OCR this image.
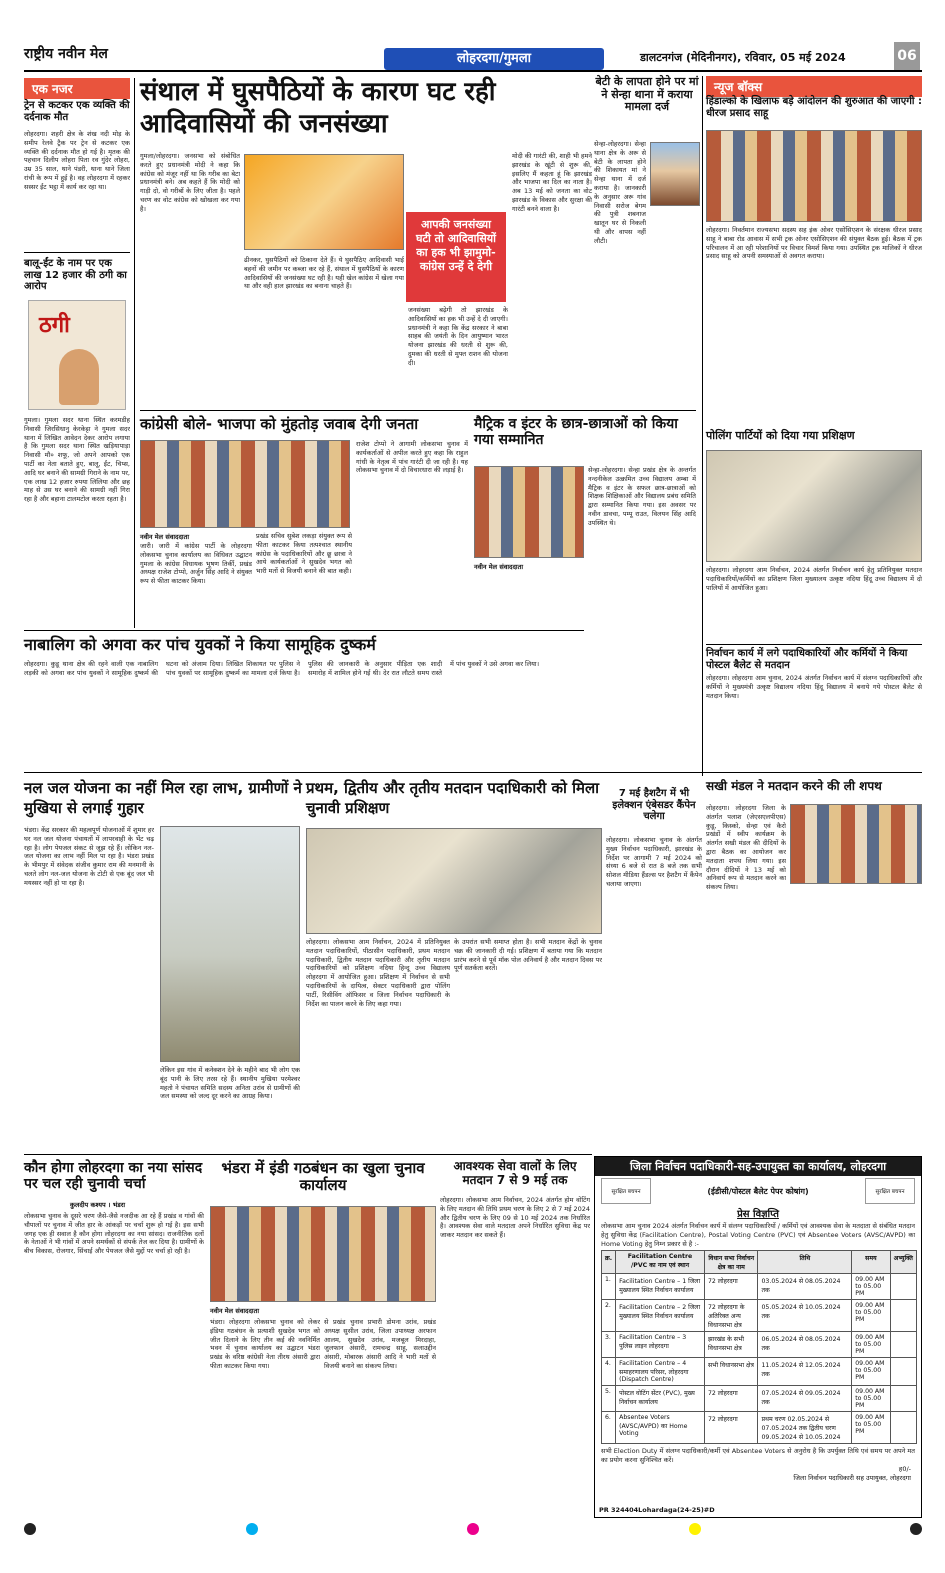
राष्ट्रीय नवीन मेल	लोहरदगा/गुमला	डालटनगंज (मेदिनीनगर), रविवार, 05 मई 2024	06
एक नजर
ट्रेन से कटकर एक व्यक्ति की दर्दनाक मौत
लोहरदगा। शहरी क्षेत्र के शंख नदी मोड़ के समीप रेलवे ट्रैक पर ट्रेन से कटकर एक व्यक्ति की दर्दनाक मौत हो गई है। मृतक की पहचान दिलीप लोहरा पिता रव गुंदेर लोहरा, उम्र 35 साल, थाने पंडरी, थाना थाने जिला रांची के रूप में हुई है। वह लोहरदगा में रहकर सस्सर ईंट भट्ठा में कार्य कर रहा था।
बालू-ईंट के नाम पर एक लाख 12 हजार की ठगी का आरोप
ठगी
गुमला। गुमला सदर थाना स्थित करमडीह निवासी जिरसिधानु केरकेट्टा ने गुमला सदर थाना में लिखित आवेदन देकर आरोप लगाया है कि गुमला सदर थाना स्थित खड़ियापाड़ा निवासी मौ० शफू, जो अपने आपको एक पार्टी का नेता बताते हुए, बालू, ईंट, चिप्स, आदि घर बनाने की सामग्री गिराने के नाम पर, एक लाख 12 हजार रुपया लिलिया और छह माह से उस घर बनाने की सामग्री नहीं गिरा रहा है और बहाना टालमटोल करता रहता है।
संथाल में घुसपैठियों के कारण घट रही आदिवासियों की जनसंख्या
गुमला/लोहरदगा। जनसभा को संबोधित करते हुए प्रधानमंत्री मोदी ने कहा कि कांग्रेस को मंजूर नहीं था कि गरीब का बेटा प्रधानमंत्री बने। अब कहते हैं कि मोदी को गाड़ी दो, वो गरीबों के लिए जीता है। पहले चरण का वोट कांग्रेस को खोखला कर गया है।
आपकी जनसंख्या घटी तो आदिवासियों का हक भी झामुमो-कांग्रेस उन्हें दे देगी
ढीनकर, घुसपैठियों को ठिकाना देते हैं। ये घुसपैठिए आदिवासी भाई बहनों की जमीन पर कब्जा कर रहे हैं, संथाल में घुसपैठियों के कारण आदिवासियों की जनसंख्या घट रही है। यही खेल कांग्रेस में खेला गया था और वही हाल झारखंड का बनाना चाहते हैं।
जनसंख्या बढ़ेगी तो झारखंड के आदिवासियों का हक भी उन्हें दे दी जाएगी। प्रधानमंत्री ने कहा कि केंद्र सरकार ने बाबा साहब की जयंती के दिन आयुष्मान भारत योजना झारखंड की धरती से शुरू की, दुमका की धरती से मुफ्त राशन की योजना दी।
मोदी की गारंटी की, शाही भी हमने झारखंड के खूंटी से शुरू की, इसलिए मैं कहता हूं कि झारखंड और भाजपा का दिल का नाता है। अब 13 मई को जनता का वोट झारखंड के विकास और सुरक्षा की गारंटी बनने वाला है।
बेटी के लापता होने पर मां ने सेन्हा थाना में कराया मामला दर्ज
सेन्हा-लोहरदगा। सेन्हा थाना क्षेत्र के अरू से बेटी के लापता होने की शिकायत मां ने सेन्हा थाना में दर्ज कराया है। जानकारी के अनुसार अरू गांव निवासी सरोज बेगम की पुत्री शबनाज खातून घर से निकली थी और वापस नहीं लौटी।
न्यूज बॉक्स
हिंडाल्को के खिलाफ बड़े आंदोलन की शुरुआत की जाएगी : धीरज प्रसाद साहू
लोहरदगा। निवर्तमान राज्यसभा सदस्य सह इंक ओवर एसोसिएशन के संरक्षक धीरज प्रसाद साहू ने बाबा रोड आवास में सभी ट्रक ओनर एसोसिएशन की संयुक्त बैठक हुई। बैठक में ट्रक परिचालन में आ रही परेशानियों पर विचार विमर्श किया गया। उपस्थित ट्रक मालिकों ने धीरज प्रसाद साहू को अपनी समस्याओं से अवगत कराया।
कांग्रेसी बोले- भाजपा को मुंहतोड़ जवाब देगी जनता
नवीन मेल संवाददाता
जारी। जारी में कांग्रेस पार्टी के लोहरदगा लोकसभा चुनाव कार्यालय का विधिवत उद्घाटन गुमला के कांग्रेस विधायक भूषण तिर्की, प्रखंड अध्यक्ष राजेश टोप्पो, अर्जुन सिंह आदि ने संयुक्त रूप से फीता काटकर किया।
प्रखंड सचिव सुबेश लकड़ा संयुक्त रूप से फीता काटकर किया तत्पश्चात स्थानीय कांग्रेस के पदाधिकारियों और छू छात्रा ने आये कार्यकर्ताओं ने सुखदेव भगत को भारी मतों से विजयी बनाने की बात कही।
राजेश टोप्पो ने आगामी लोकसभा चुनाव में कार्यकर्ताओं से अपील करते हुए कहा कि राहुल गांधी के नेतृत्व में पांच गारंटी दी जा रही है। यह लोकसभा चुनाव में दो विचारधारा की लड़ाई है।
मैट्रिक व इंटर के छात्र-छात्राओं को किया गया सम्मानित
नवीन मेल संवाददाता
सेन्हा-लोहरदगा। सेन्हा प्रखंड क्षेत्र के अन्तर्गत नन्दनीकेल उत्क्रमित उच्च विद्यालय अम्बा में मैट्रिक व इंटर के सफल छात्र-छात्राओं को शिक्षक शिक्षिकाओं और विद्यालय प्रबंध समिति द्वारा सम्मानित किया गया। इस अवसर पर नवीन डावचा, पम्पू राउत, विलयन सिंह आदि उपस्थित थे।
पोलिंग पार्टियों को दिया गया प्रशिक्षण
लोहरदगा। लोहरदगा आम निर्वाचन, 2024 अंतर्गत निर्वाचन कार्य हेतु प्रतिनियुक्त मतदान पदाधिकारियों/कर्मियों का प्रशिक्षण जिला मुख्यालय उत्कृष्ट नदिया हिंदू उच्च विद्यालय में दो पालियों में आयोजित हुआ।
निर्वाचन कार्य में लगे पदाधिकारियों और कर्मियों ने किया पोस्टल बैलेट से मतदान
लोहरदगा। लोहरदगा आम चुनाव, 2024 अंतर्गत निर्वाचन कार्य में संलग्न पदाधिकारियों और कर्मियों ने मुख्यमंत्री उत्कृष्ट विद्यालय नदिया हिंदू विद्यालय में बनाये गये पोस्टल बैलेट से मतदान किया।
नाबालिग को अगवा कर पांच युवकों ने किया सामूहिक दुष्कर्म
लोहरदगा। कुडू थाना क्षेत्र की रहने वाली एक नाबालिग लड़की को अगवा कर पांच युवकों ने सामूहिक दुष्कर्म की घटना को अंजाम दिया। लिखित शिकायत पर पुलिस ने पांच युवकों पर सामूहिक दुष्कर्म का मामला दर्ज किया है। पुलिस की जानकारी के अनुसार पीड़िता एक शादी समारोह में शामिल होने गई थी। देर रात लौटते समय रास्ते में पांच युवकों ने उसे अगवा कर लिया।
नल जल योजना का नहीं मिल रहा लाभ, ग्रामीणों ने मुखिया से लगाई गुहार
भंडरा। केंद्र सरकार की महत्वपूर्ण योजनाओं में शुमार हर घर नल जल योजना पंचायतों में लापरवाही के भेंट चढ़ रहा है। लोग पेयजल संकट से जूझ रहे हैं। लोकिन नल-जल योजना का लाभ नहीं मिल पा रहा है। भंडरा प्रखंड के भीमपुर में संवेदक संजीव कुमार राम की मनमानी के चलते लोग नल-जल योजना के टोटी से एक बूंद जल भी मयस्सर नहीं हो पा रहा है।
लेकिन इस गांव में कनेक्शन देने के महीने बाद भी लोग एक बूंद पानी के लिए तरस रहे हैं। स्थानीय मुखिया परमेश्वर महतो ने पंचायत समिति सदस्य अनिता उरांव से ग्रामीणों की जल समस्या को जल्द दूर करने का आग्रह किया।
प्रथम, द्वितीय और तृतीय मतदान पदाधिकारी को मिला चुनावी प्रशिक्षण
लोहरदगा। लोकसभा आम निर्वाचन, 2024 में प्रतिनियुक्त मतदान पदाधिकारियों, पीठासीन पदाधिकारी, प्रथम मतदान पदाधिकारी, द्वितीय मतदान पदाधिकारी और तृतीय मतदान पदाधिकारियों को प्रशिक्षण नदिया हिन्दू उच्च विद्यालय लोहरदगा में आयोजित हुआ। प्रशिक्षण में निर्वाचन से सभी पदाधिकारियों के दायित्व, सेक्टर पदाधिकारी द्वारा पोलिंग पार्टी, रिसीविंग ऑफिसर व जिला निर्वाचन पदाधिकारी के निर्देश का पालन करने के लिए कहा गया।
के उपरांत सभी समाप्त होता है। सभी मतदान केंद्रों के चुनाव चक्र की जानकारी दी गई। प्रशिक्षण में बताया गया कि मतदान प्रारंभ करने से पूर्व मॉक पोल अनिवार्य है और मतदान दिवस पर पूर्ण सतर्कता बरतें।
7 मई हैशटैग में भी इलेक्शन एंबेसडर कैंपेन चलेगा
लोहरदगा। लोकसभा चुनाव के अंतर्गत मुख्य निर्वाचन पदाधिकारी, झारखंड के निर्देश पर आगामी 7 मई 2024 को संध्या 6 बजे से रात 8 बजे तक सभी सोशल मीडिया हैंडल्स पर हैशटैग में कैंपेन चलाया जाएगा।
सखी मंडल ने मतदान करने की ली शपथ
लोहरदगा। लोहरदगा जिला के अंतर्गत पलाश (जेएसएलपीएस) कुडू, किस्को, सेन्हा एवं कैरो प्रखंडों में स्वीप कार्यक्रम के अंतर्गत सखी मंडल की दीदियों के द्वारा बैठक का आयोजन कर मतदाता शपथ लिया गया। इस दौरान दीदियों ने 13 मई को अनिवार्य रूप से मतदान करने का संकल्प लिया।
कौन होगा लोहरदगा का नया सांसद पर चल रही चुनावी चर्चा
कुलदीप कश्यप । भंडरा
लोकसभा चुनाव के दूसरे चरण जैसे-जैसे नजदीक आ रहे हैं प्रखंड व गांवों की चौपालों पर चुनाव में जीत हार के आंकड़ों पर चर्चा शुरू हो गई है। इस सभी जगह एक ही सवाल है कौन होगा लोहरदगा का नया सांसद। राजनीतिक दलों के नेताओं ने भी गांवों में अपने समर्थकों से संपर्क तेज कर दिया है। ग्रामीणों के बीच विकास, रोजगार, सिंचाई और पेयजल जैसे मुद्दों पर चर्चा हो रही है।
भंडरा में इंडी गठबंधन का खुला चुनाव कार्यालय
नवीन मेल संवाददाता
भंडरा। लोहरदगा लोकसभा चुनाव को लेकर इंडिया गठबंधन के प्रत्याशी सुखदेव भगत को जीत दिलाने के लिए तीन कई की नवनिर्मित भवन में चुनाव कार्यालय का उद्घाटन भंडरा प्रखंड के वरिष्ठ कांग्रेसी नेता तीरथ अंसारी द्वारा फीता काटकर किया गया।
से प्रखंड चुनाव प्रभारी डोमना उरांव, प्रखंड अध्यक्ष सुसील उरांव, जिला उपाध्यक्ष अरफान आलम, सुखदेव उरांव, मजबूल मिरदाहा, जुलफान अंसारी, रामचन्द्र साहू, सलाउद्दीन अंसारी, मोबारक अंसारी आदि ने भारी मतों से विजयी बनाने का संकल्प लिया।
आवश्यक सेवा वालों के लिए मतदान 7 से 9 मई तक
लोहरदगा। लोकसभा आम निर्वाचन, 2024 अंतर्गत होम वोटिंग के लिए मतदान की तिथि प्रथम चरण के लिए 2 से 7 मई 2024 और द्वितीय चरण के लिए 09 से 10 मई 2024 तक निर्धारित है। आवश्यक सेवा वाले मतदाता अपने निर्धारित सुविधा केंद्र पर जाकर मतदान कर सकते हैं।
जिला निर्वाचन पदाधिकारी-सह-उपायुक्त का कार्यालय, लोहरदगा
सुरक्षित बचपन	(ईडीसी/पोस्टल बैलेट पेपर कोषांग)	सुरक्षित बचपन
प्रेस विज्ञप्ति
लोकसभा आम चुनाव 2024 अंतर्गत निर्वाचन कार्य में संलग्न पदाधिकारियों / कर्मियों एवं आवश्यक सेवा के मतदाता से संबंधित मतदान हेतु सुविधा केंद्र (Facilitation Centre), Postal Voting Centre (PVC) एवं Absentee Voters (AVSC/AVPD) का Home Voting हेतु निम्न प्रकार से है :-
क्र.	Facilitation Centre /PVC का नाम एवं स्थान	विधान सभा निर्वाचन क्षेत्र का नाम	तिथि	समय	अभ्युक्ति
1.	Facilitation Centre – 1 जिला मुख्यालय स्थित निर्वाचन कार्यालय	72 लोहरदगा	03.05.2024 से 08.05.2024 तक	09.00 AM to 05.00 PM	
2.	Facilitation Centre – 2 जिला मुख्यालय स्थित निर्वाचन कार्यालय	72 लोहरदगा के अतिरिक्त अन्य विधानसभा क्षेत्र	05.05.2024 से 10.05.2024 तक	09.00 AM to 05.00 PM	
3.	Facilitation Centre – 3 पुलिस लाइन लोहरदगा	झारखंड के सभी विधानसभा क्षेत्र	06.05.2024 से 08.05.2024 तक	09.00 AM to 05.00 PM	
4.	Facilitation Centre – 4 समाहरणालय परिसर, लोहरदगा (Dispatch Centre)	सभी विधानसभा क्षेत्र	11.05.2024 से 12.05.2024 तक	09.00 AM to 05.00 PM	
5.	पोस्टल वोटिंग सेंटर (PVC), मुख्य निर्वाचन कार्यालय	72 लोहरदगा	07.05.2024 से 09.05.2024 तक	09.00 AM to 05.00 PM	
6.	Absentee Voters (AVSC/AVPD) का Home Voting	72 लोहरदगा	प्रथम चरण 02.05.2024 से 07.05.2024 तक द्वितीय चरण 09.05.2024 से 10.05.2024	09.00 AM to 05.00 PM	
सभी Election Duty में संलग्न पदाधिकारी/कर्मी एवं Absentee Voters से अनुरोध है कि उपर्युक्त तिथि एवं समय पर अपने मत का प्रयोग करना सुनिश्चित करें।
ह0/-
जिला निर्वाचन पदाधिकारी सह उपायुक्त, लोहरदगा
PR 324404Lohardaga(24-25)#D
